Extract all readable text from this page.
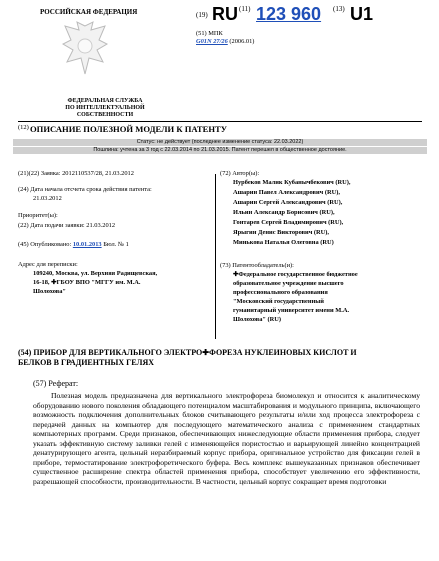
РОССИЙСКАЯ ФЕДЕРАЦИЯ	(19) RU (11) 123 960 (13) U1
(51) МПК
G01N 27/26 (2006.01)
ФЕДЕРАЛЬНАЯ СЛУЖБА
ПО ИНТЕЛЛЕКТУАЛЬНОЙ СОБСТВЕННОСТИ
(12) ОПИСАНИЕ ПОЛЕЗНОЙ МОДЕЛИ К ПАТЕНТУ
Статус: не действует (последнее изменение статуса: 22.03.2022)
Пошлина: учтена за 3 год с 22.03.2014 по 21.03.2015. Патент перешел в общественное достояние.
(21)(22) Заявка: 2012110537/28, 21.03.2012
(24) Дата начала отсчета срока действия патента:
21.03.2012
Приоритет(ы):
(22) Дата подачи заявки: 21.03.2012
(45) Опубликовано: 10.01.2013 Бюл. № 1
Адрес для переписки:
109240, Москва, ул. Верхняя Радищевская,
16-18, ✚ГБОУ ВПО "МГГУ им. М.А.
Шолохова"
(72) Автор(ы):
Нурбеков Малик Кубанычбекович (RU),
Ашарин Павел Александрович (RU),
Ашарин Сергей Александрович (RU),
Ильин Александр Борисович (RU),
Гонтарев Сергей Владимирович (RU),
Ярыгин Денис Викторович (RU),
Минькова Наталья Олеговна (RU)
(73) Патентообладатель(и):
✚Федеральное государственное бюджетное
образовательное учреждение высшего
профессионального образования
"Московский государственный
гуманитарный университет имени М.А.
Шолохова" (RU)
(54) ПРИБОР ДЛЯ ВЕРТИКАЛЬНОГО ЭЛЕКТРО✚ФОРЕЗА НУКЛЕИНОВЫХ КИСЛОТ И
БЕЛКОВ В ГРАДИЕНТНЫХ ГЕЛЯХ
(57) Реферат:
Полезная модель предназначена для вертикального электрофореза биомолекул и относится к аналитическому оборудованию нового поколения обладающего потенциалом масштабирования и модульного принципа, включающего возможность подключения дополнительных блоков считывающего результаты и/или ход процесса электрофореза с передачей данных на компьютер для последующего математического анализа с применением стандартных компьютерных программ. Среди признаков, обеспечивающих нижеследующие области применения прибора, следует указать эффективную систему заливки гелей с изменяющейся пористостью и варьирующей линейно концентрацией денатурирующего агента, цельный неразбираемый корпус прибора, оригинальное устройство для фиксации гелей в приборе, термостатирование электрофоретического буфера. Весь комплекс вышеуказанных признаков обеспечивает существенное расширение спектра областей применения прибора, способствует увеличению его эффективности, разрешающей способности, производительности. В частности, цельный корпус сокращает время подготовки
